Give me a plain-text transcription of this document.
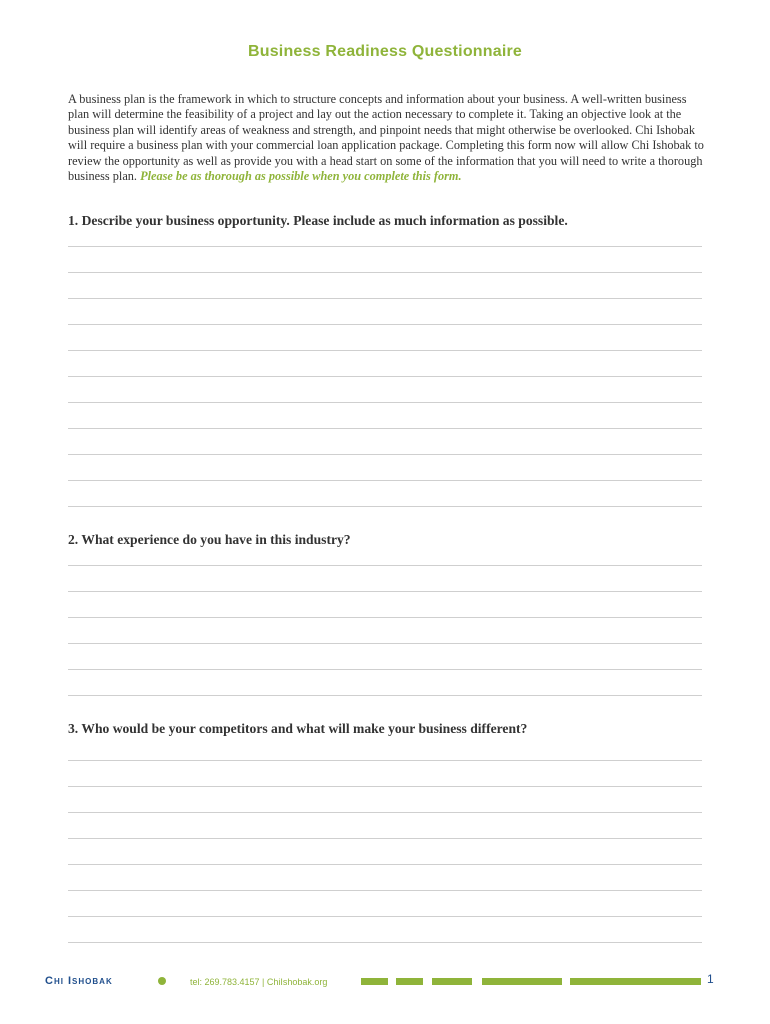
Business Readiness Questionnaire
A business plan is the framework in which to structure concepts and information about your business. A well-written business plan will determine the feasibility of a project and lay out the action necessary to complete it. Taking an objective look at the business plan will identify areas of weakness and strength, and pinpoint needs that might otherwise be overlooked. Chi Ishobak will require a business plan with your commercial loan application package. Completing this form now will allow Chi Ishobak to review the opportunity as well as provide you with a head start on some of the information that you will need to write a thorough business plan. Please be as thorough as possible when you complete this form.
1. Describe your business opportunity. Please include as much information as possible.
2. What experience do you have in this industry?
3. Who would be your competitors and what will make your business different?
Chi Ishobak	tel: 269.783.4157 | ChiIshobak.org	1
